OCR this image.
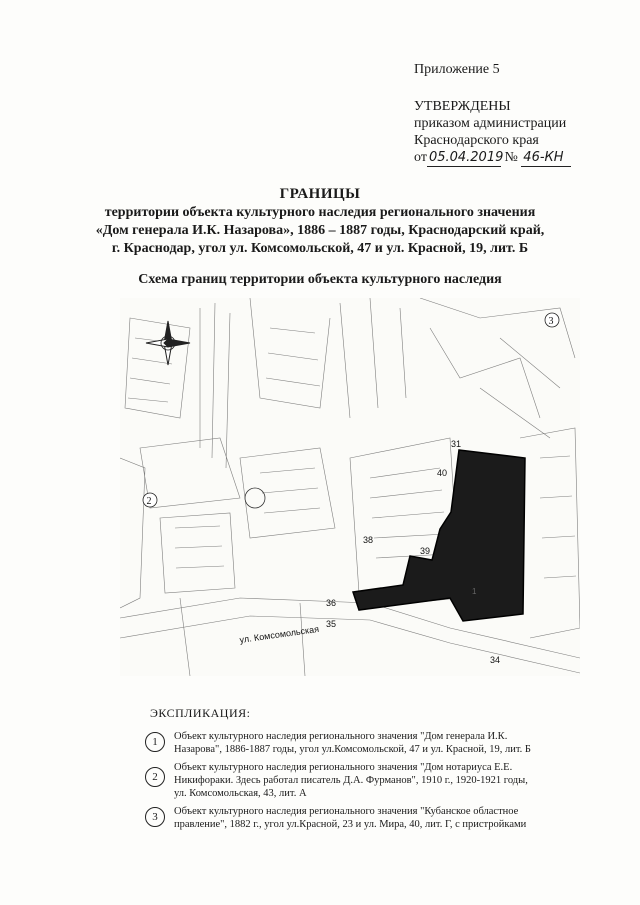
Приложение 5
УТВЕРЖДЕНЫ
приказом администрации
Краснодарского края
от 05.04.2019 № 46-КН
ГРАНИЦЫ
территории объекта культурного наследия регионального значения
«Дом генерала И.К. Назарова», 1886 – 1887 годы, Краснодарский край,
г. Краснодар, угол ул. Комсомольской, 47 и ул. Красной, 19, лит. Б
Схема границ территории объекта культурного наследия
31
40
38
39
36
35
34
1
2
3
ул. Комсомольская
ЭКСПЛИКАЦИЯ:
1	Объект культурного наследия регионального значения "Дом генерала И.К.
Назарова", 1886-1887 годы, угол ул.Комсомольской, 47 и ул. Красной, 19, лит. Б
2
Объект культурного наследия регионального значения "Дом нотариуса Е.Е.
Никифораки. Здесь работал писатель Д.А. Фурманов", 1910 г., 1920-1921 годы,
ул. Комсомольская, 43, лит. А
3	Объект культурного наследия регионального значения "Кубанское областное
правление", 1882 г., угол ул.Красной, 23 и ул. Мира, 40, лит. Г, с пристройками
